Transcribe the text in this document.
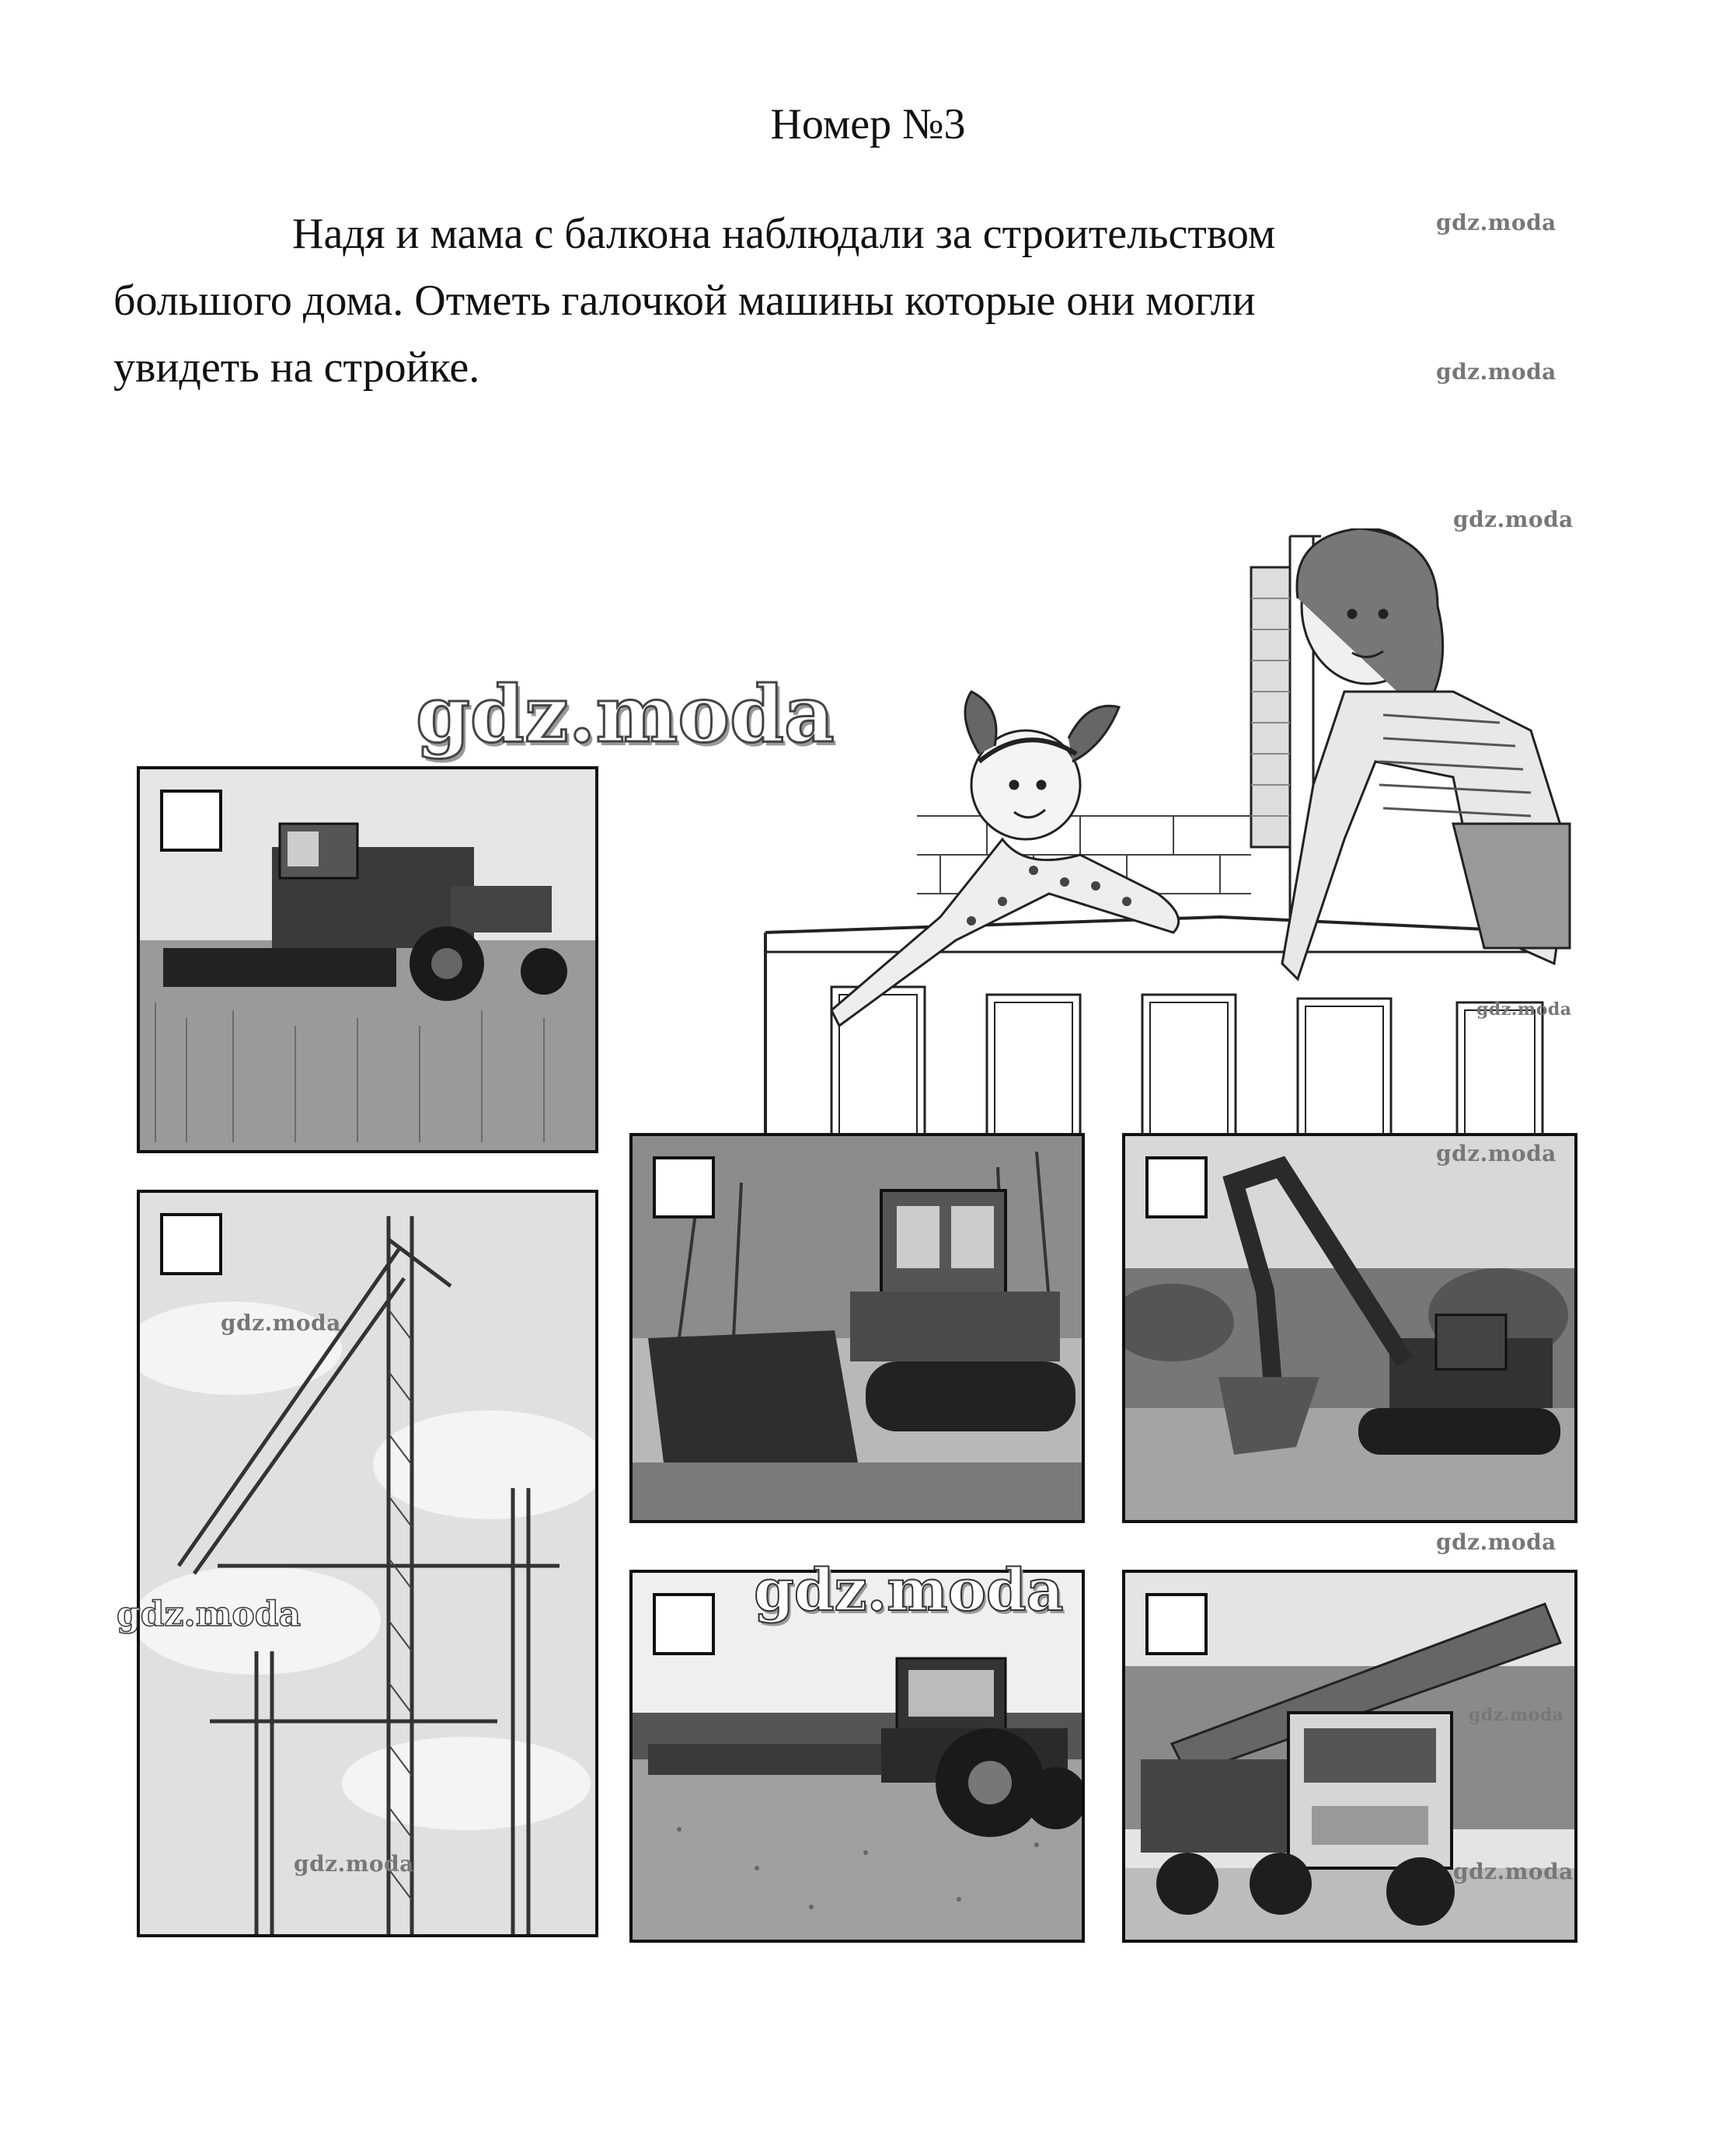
Номер №3

Надя и мама с балкона наблюдали за строительством большого дома. Отметь галочкой машины которые они могли увидеть на стройке.

gdz.moda
gdz.moda
gdz.moda
gdz.moda
gdz.moda
gdz.moda
gdz.moda
gdz.moda
gdz.moda
gdz.moda	gdz.moda
gdz.moda	gdz.moda
